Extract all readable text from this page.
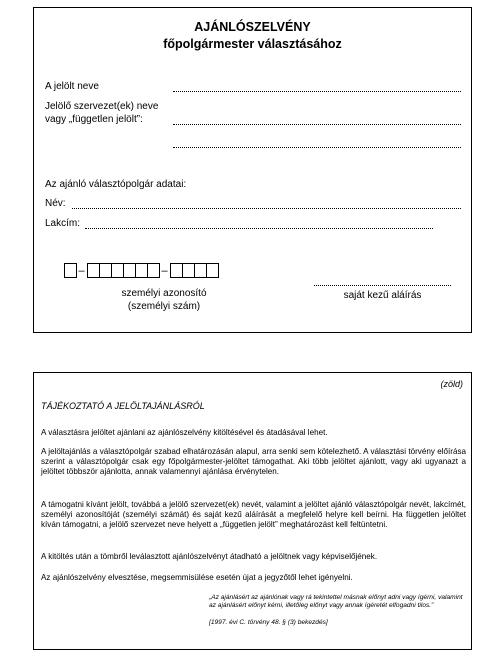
AJÁNLÓSZELVÉNY
főpolgármester választásához
A jelölt neve
Jelölő szervezet(ek) neve
vagy „független jelölt”:
Az ajánló választópolgár adatai:
Név:
Lakcím:
–	–
személyi azonosító
(személyi szám)
saját kezű aláírás
(zöld)
TÁJÉKOZTATÓ A JELÖLTAJÁNLÁSRÓL
A választásra jelöltet ajánlani az ajánlószelvény kitöltésével és átadásával lehet.
A jelöltajánlás a választópolgár szabad elhatározásán alapul, arra senki sem kötelezhető. A választási törvény előírása szerint a választópolgár csak egy főpolgármester-jelöltet támogathat. Aki több jelöltet ajánlott, vagy aki ugyanazt a jelöltet többször ajánlotta, annak valamennyi ajánlása érvénytelen.
A támogatni kívánt jelölt, továbbá a jelölő szervezet(ek) nevét, valamint a jelöltet ajánló választópolgár nevét, lakcímét, személyi azonosítóját (személyi számát) és saját kezű aláírását a megfelelő helyre kell beírni. Ha független jelöltet kíván támogatni, a jelölő szervezet neve helyett a „független jelölt” meghatározást kell feltüntetni.
A kitöltés után a tömbről leválasztott ajánlószelvényt átadható a jelöltnek vagy képviselőjének.
Az ajánlószelvény elvesztése, megsemmisülése esetén újat a jegyzőtől lehet igényelni.
„Az ajánlásért az ajánlónak vagy rá tekintettel másnak előnyt adni vagy ígérni, valamint az ajánlásért előnyt kérni, illetőleg előnyt vagy annak ígéretét elfogadni tilos.”
[1997. évi C. törvény 48. § (3) bekezdés]
